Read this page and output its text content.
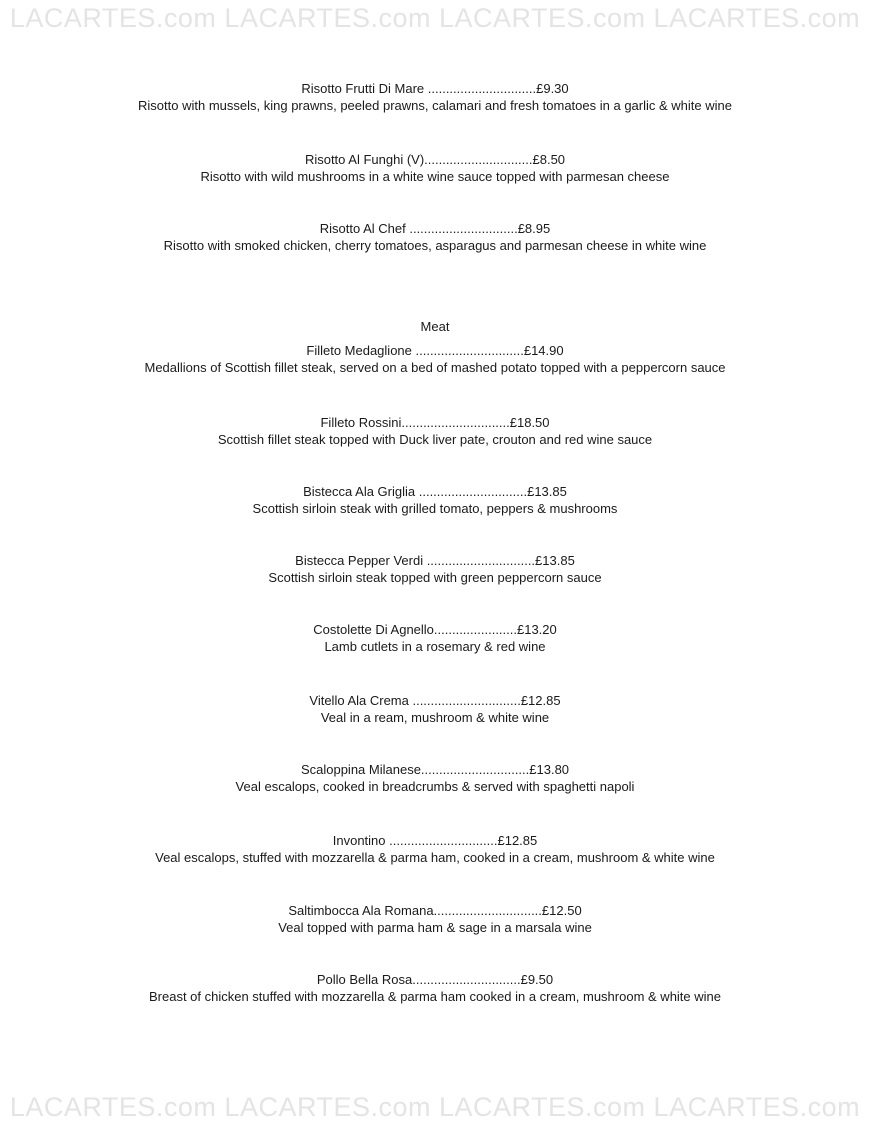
LACARTES.com LACARTES.com LACARTES.com LACARTES.com
Risotto Frutti Di Mare ..............................£9.30
Risotto with mussels, king prawns, peeled prawns, calamari and fresh tomatoes in a garlic & white wine
Risotto Al Funghi (V)..............................£8.50
Risotto with wild mushrooms in a white wine sauce topped with parmesan cheese
Risotto Al Chef ..............................£8.95
Risotto with smoked chicken, cherry tomatoes, asparagus and parmesan cheese in white wine
Meat
Filleto Medaglione ..............................£14.90
Medallions of Scottish fillet steak, served on a bed of mashed potato topped with a peppercorn sauce
Filleto Rossini..............................£18.50
Scottish fillet steak topped with Duck liver pate, crouton and red wine sauce
Bistecca Ala Griglia ..............................£13.85
Scottish sirloin steak with grilled tomato, peppers & mushrooms
Bistecca Pepper Verdi ..............................£13.85
Scottish sirloin steak topped with green peppercorn sauce
Costolette Di Agnello.......................£13.20
Lamb cutlets in a rosemary & red wine
Vitello Ala Crema ..............................£12.85
Veal in a ream, mushroom & white wine
Scaloppina Milanese..............................£13.80
Veal escalops, cooked in breadcrumbs & served with spaghetti napoli
Invontino ..............................£12.85
Veal escalops, stuffed with mozzarella & parma ham, cooked in a cream, mushroom & white wine
Saltimbocca Ala Romana..............................£12.50
Veal topped with parma ham & sage in a marsala wine
Pollo Bella Rosa..............................£9.50
Breast of chicken stuffed with mozzarella & parma ham cooked in a cream, mushroom & white wine
LACARTES.com LACARTES.com LACARTES.com LACARTES.com
